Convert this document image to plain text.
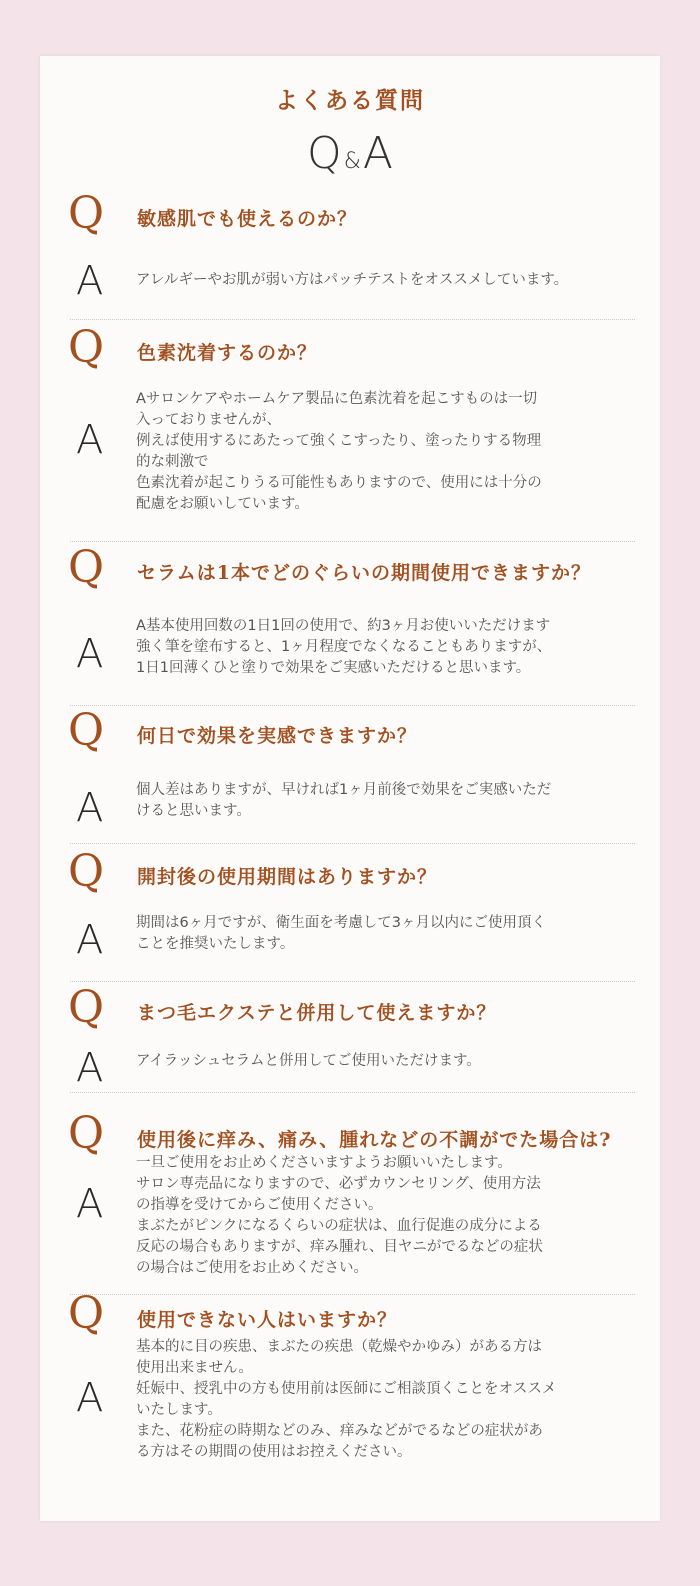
よくある質問
Q&A
Q 敏感肌でも使えるのか？
A アレルギーやお肌が弱い方はパッチテストをオススメしています。
Q 色素沈着するのか？
A
Aサロンケアやホームケア製品に色素沈着を起こすものは一切
入っておりませんが、
例えば使用するにあたって強くこすったり、塗ったりする物理
的な刺激で
色素沈着が起こりうる可能性もありますので、使用には十分の
配慮をお願いしています。
Q セラムは1本でどのぐらいの期間使用できますか？
A
A基本使用回数の1日1回の使用で、約3ヶ月お使いいただけます
強く筆を塗布すると、1ヶ月程度でなくなることもありますが、
1日1回薄くひと塗りで効果をご実感いただけると思います。
Q 何日で効果を実感できますか？
A 個人差はありますが、早ければ1ヶ月前後で効果をご実感いただ
けると思います。
Q 開封後の使用期間はありますか？
A 期間は6ヶ月ですが、衛生面を考慮して3ヶ月以内にご使用頂く
ことを推奨いたします。
Q まつ毛エクステと併用して使えますか？
A アイラッシュセラムと併用してご使用いただけます。
Q 使用後に痒み、痛み、腫れなどの不調がでた場合は?
A
一旦ご使用をお止めくださいますようお願いいたします。
サロン専売品になりますので、必ずカウンセリング、使用方法
の指導を受けてからご使用ください。
まぶたがピンクになるくらいの症状は、血行促進の成分による
反応の場合もありますが、痒み腫れ、目ヤニがでるなどの症状
の場合はご使用をお止めください。
Q 使用できない人はいますか？
A
基本的に目の疾患、まぶたの疾患（乾燥やかゆみ）がある方は
使用出来ません。
妊娠中、授乳中の方も使用前は医師にご相談頂くことをオススメ
いたします。
また、花粉症の時期などのみ、痒みなどがでるなどの症状があ
る方はその期間の使用はお控えください。
